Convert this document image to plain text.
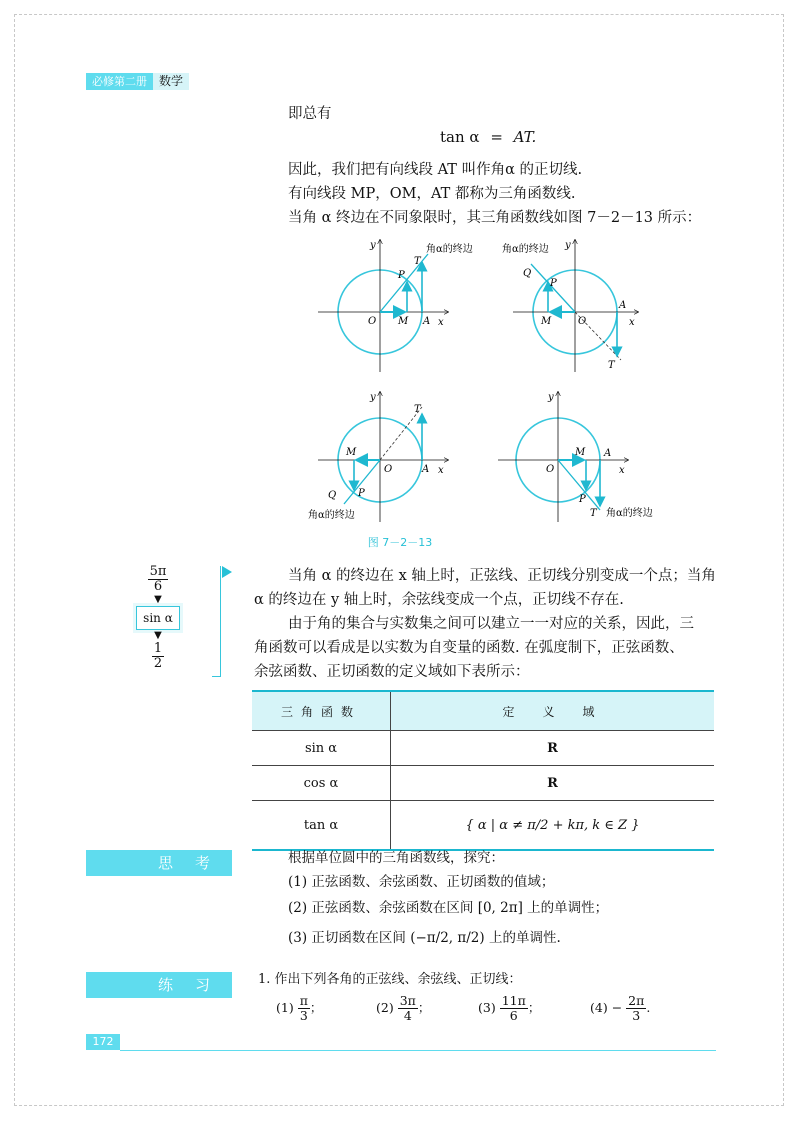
必修第二册	数学
即总有
tan α = AT.
因此，我们把有向线段 AT 叫作角α 的正切线.
有向线段 MP，OM，AT 都称为三角函数线.
当角 α 终边在不同象限时，其三角函数线如图 7－2－13 所示：
O M A
P
T
x
y	角α的终边
O
M
A
P
Q
T
x
y
角α的终边
O
M
A
P
Q
T
x
y
角α的终边
O
M A
P
T
x
y
角α的终边
图 7－2－13
$\frac{5\pi}{6}$
▼
sin α
▼
$\frac{1}{2}$
当角 α 的终边在 x 轴上时，正弦线、正切线分别变成一个点；当角
α 的终边在 y 轴上时，余弦线变成一个点，正切线不存在.
由于角的集合与实数集之间可以建立一一对应的关系，因此，三
角函数可以看成是以实数为自变量的函数. 在弧度制下，正弦函数、
余弦函数、正切函数的定义域如下表所示：
三角函数	定　义　域
sin α	R
cos α	R
tan α	{ α | α ≠ π/2 + kπ, k ∈ Z }
思考	根据单位圆中的三角函数线，探究：
(1) 正弦函数、余弦函数、正切函数的值域；
(2) 正弦函数、余弦函数在区间 [0, 2π] 上的单调性；
(3) 正切函数在区间 (−π/2, π/2) 上的单调性.
练习 1. 作出下列各角的正弦线、余弦线、正切线：
$(1) \frac{\pi}{3}$ ；	$(2) \frac{3\pi}{4}$ ；	$(3) \frac{11\pi}{6}$ ；	$(4) - \frac{2\pi}{3}$ .
172
